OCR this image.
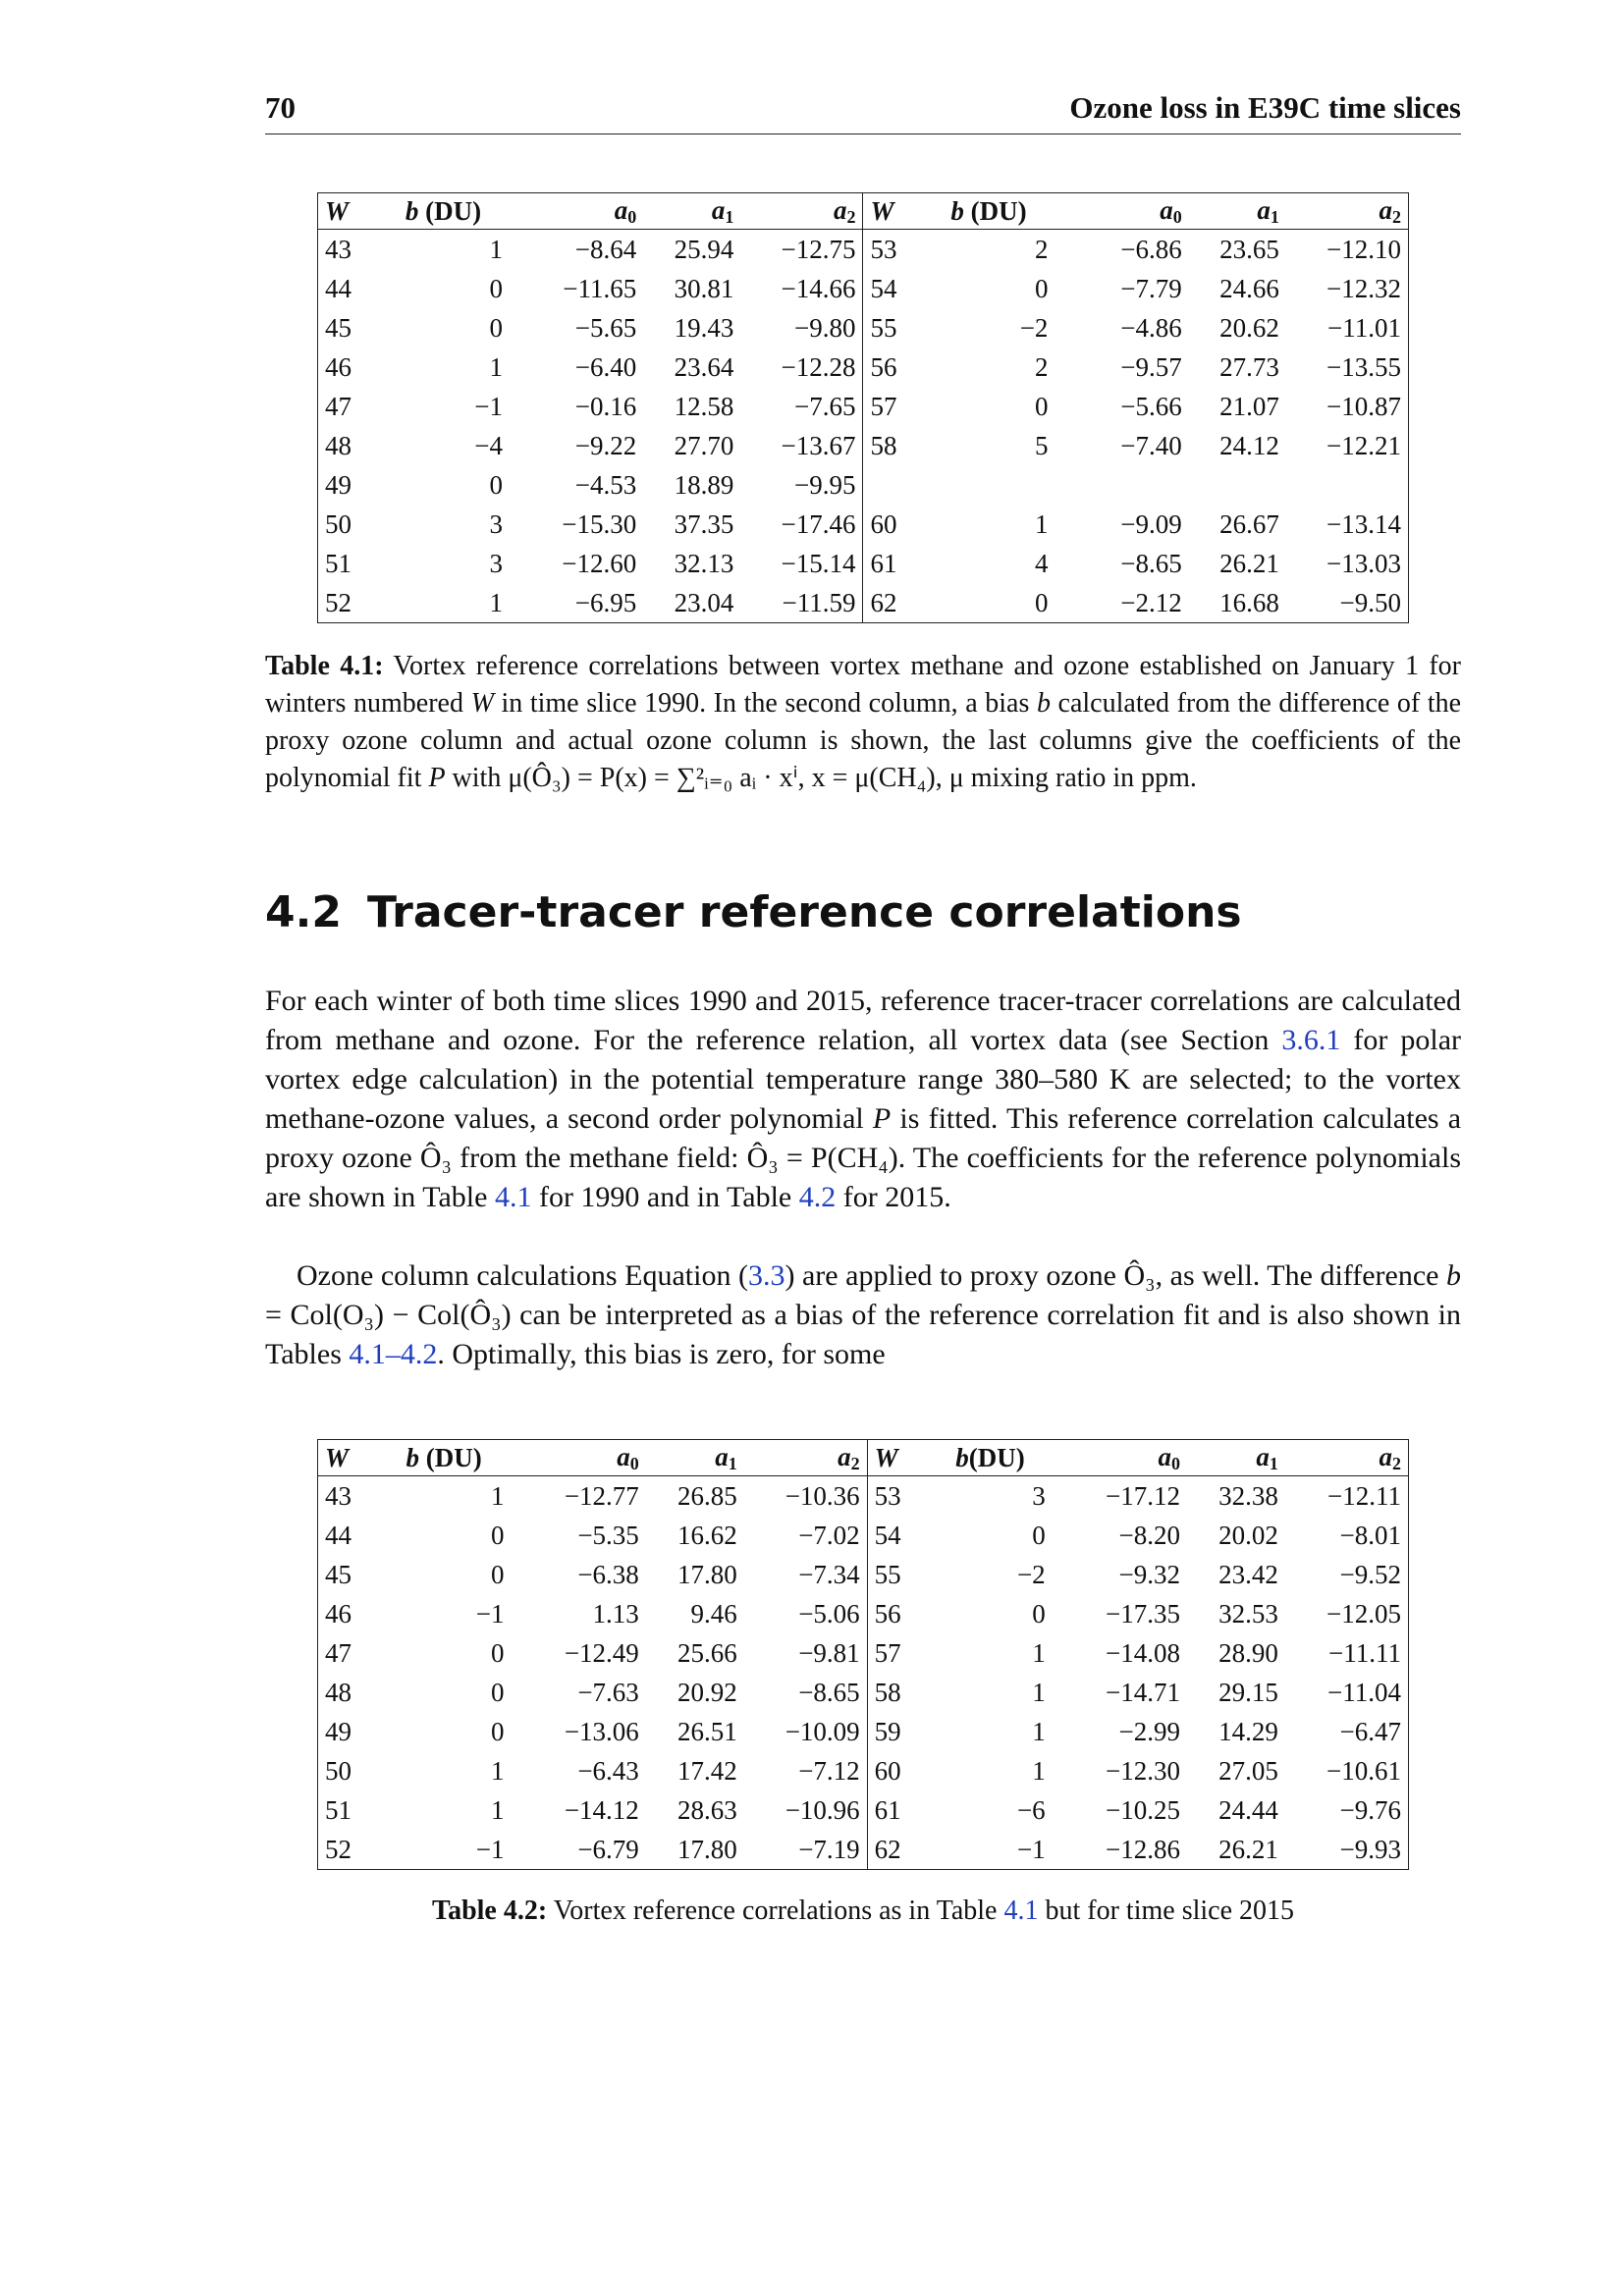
70	Ozone loss in E39C time slices
W	b (DU)	$a_0$	$a_1$	$a_2$	W	b (DU)	$a_0$	$a_1$	$a_2$
43	1	−8.64	25.94	−12.75	53	2	−6.86	23.65	−12.10
44	0	−11.65	30.81	−14.66	54	0	−7.79	24.66	−12.32
45	0	−5.65	19.43	−9.80	55	−2	−4.86	20.62	−11.01
46	1	−6.40	23.64	−12.28	56	2	−9.57	27.73	−13.55
47	−1	−0.16	12.58	−7.65	57	0	−5.66	21.07	−10.87
48	−4	−9.22	27.70	−13.67	58	5	−7.40	24.12	−12.21
49	0	−4.53	18.89	−9.95					
50	3	−15.30	37.35	−17.46	60	1	−9.09	26.67	−13.14
51	3	−12.60	32.13	−15.14	61	4	−8.65	26.21	−13.03
52	1	−6.95	23.04	−11.59	62	0	−2.12	16.68	−9.50
Table 4.1: Vortex reference correlations between vortex methane and ozone established on January 1 for winters numbered W in time slice 1990. In the second column, a bias b calculated from the difference of the proxy ozone column and actual ozone column is shown, the last columns give the coefficients of the polynomial fit P with μ(Ô₃) = P(x) = ∑²ᵢ₌₀ aᵢ · xⁱ, x = μ(CH₄), μ mixing ratio in ppm.
4.2 Tracer-tracer reference correlations
For each winter of both time slices 1990 and 2015, reference tracer-tracer correlations are calculated from methane and ozone. For the reference relation, all vortex data (see Section 3.6.1 for polar vortex edge calculation) in the potential temperature range 380–580 K are selected; to the vortex methane-ozone values, a second order polynomial P is fitted. This reference correlation calculates a proxy ozone Ô₃ from the methane field: Ô₃ = P(CH₄). The coefficients for the reference polynomials are shown in Table 4.1 for 1990 and in Table 4.2 for 2015.
Ozone column calculations Equation (3.3) are applied to proxy ozone Ô₃, as well. The difference b = Col(O₃) − Col(Ô₃) can be interpreted as a bias of the reference correlation fit and is also shown in Tables 4.1–4.2. Optimally, this bias is zero, for some
W	b (DU)	$a_0$	$a_1$	$a_2$	W	b(DU)	$a_0$	$a_1$	$a_2$
43	1	−12.77	26.85	−10.36	53	3	−17.12	32.38	−12.11
44	0	−5.35	16.62	−7.02	54	0	−8.20	20.02	−8.01
45	0	−6.38	17.80	−7.34	55	−2	−9.32	23.42	−9.52
46	−1	1.13	9.46	−5.06	56	0	−17.35	32.53	−12.05
47	0	−12.49	25.66	−9.81	57	1	−14.08	28.90	−11.11
48	0	−7.63	20.92	−8.65	58	1	−14.71	29.15	−11.04
49	0	−13.06	26.51	−10.09	59	1	−2.99	14.29	−6.47
50	1	−6.43	17.42	−7.12	60	1	−12.30	27.05	−10.61
51	1	−14.12	28.63	−10.96	61	−6	−10.25	24.44	−9.76
52	−1	−6.79	17.80	−7.19	62	−1	−12.86	26.21	−9.93
Table 4.2: Vortex reference correlations as in Table 4.1 but for time slice 2015
